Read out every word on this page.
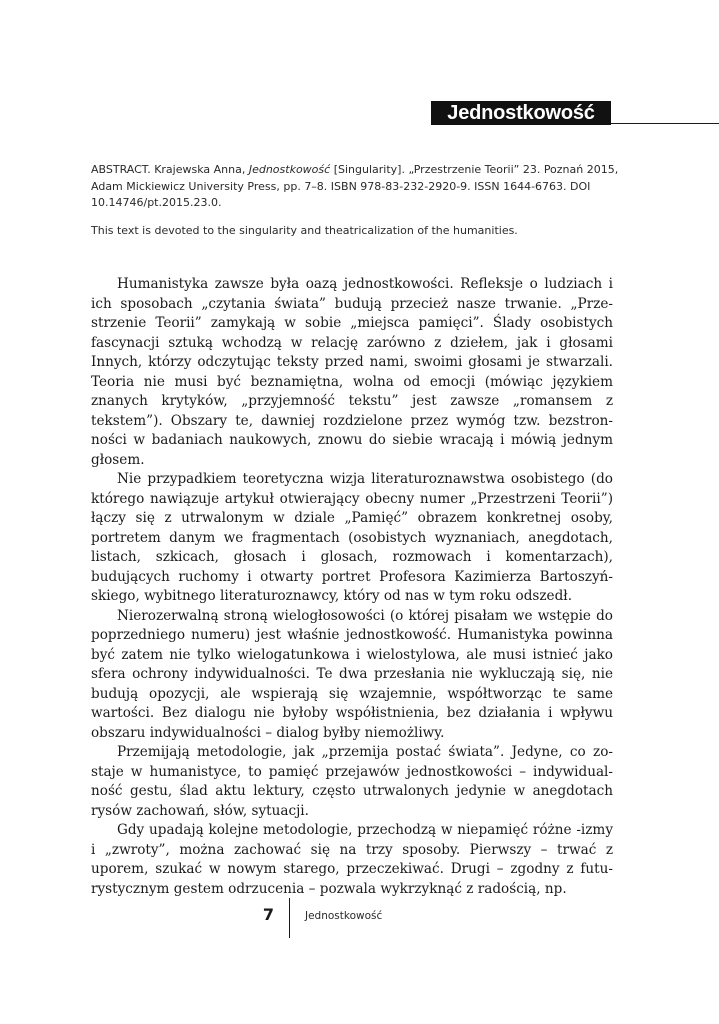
Jednostkowość

ABSTRACT. Krajewska Anna, Jednostkowość [Singularity]. „Przestrzenie Teorii” 23. Poznań 2015, Adam Mickiewicz University Press, pp. 7–8. ISBN 978-83-232-2920-9. ISSN 1644-6763. DOI 10.14746/pt.2015.23.0.

This text is devoted to the singularity and theatricalization of the humanities.

Humanistyka zawsze była oazą jednostkowości. Refleksje o ludziach i ich sposobach „czytania świata” budują przecież nasze trwanie. „Przestrzenie Teorii” zamykają w sobie „miejsca pamięci”. Ślady osobistych fascynacji sztuką wchodzą w relację zarówno z dziełem, jak i głosami Innych, którzy odczytując teksty przed nami, swoimi głosami je stwarzali. Teoria nie musi być beznamiętna, wolna od emocji (mówiąc językiem znanych krytyków, „przyjemność tekstu” jest zawsze „romansem z tekstem”). Obszary te, dawniej rozdzielone przez wymóg tzw. bezstronności w badaniach naukowych, znowu do siebie wracają i mówią jednym głosem.

Nie przypadkiem teoretyczna wizja literaturoznawstwa osobistego (do którego nawiązuje artykuł otwierający obecny numer „Przestrzeni Teorii”) łączy się z utrwalonym w dziale „Pamięć” obrazem konkretnej osoby, portretem danym we fragmentach (osobistych wyznaniach, anegdotach, listach, szkicach, głosach i glosach, rozmowach i komentarzach), budujących ruchomy i otwarty portret Profesora Kazimierza Bartoszyńskiego, wybitnego literaturoznawcy, który od nas w tym roku odszedł.

Nierozerwalną stroną wielogłosowości (o której pisałam we wstępie do poprzedniego numeru) jest właśnie jednostkowość. Humanistyka powinna być zatem nie tylko wielogatunkowa i wielostylowa, ale musi istnieć jako sfera ochrony indywidualności. Te dwa przesłania nie wykluczają się, nie budują opozycji, ale wspierają się wzajemnie, współtworząc te same wartości. Bez dialogu nie byłoby współistnienia, bez działania i wpływu obszaru indywidualności – dialog byłby niemożliwy.

Przemijają metodologie, jak „przemija postać świata”. Jedyne, co zostaje w humanistyce, to pamięć przejawów jednostkowości – indywidualność gestu, ślad aktu lektury, często utrwalonych jedynie w anegdotach rysów zachowań, słów, sytuacji.

Gdy upadają kolejne metodologie, przechodzą w niepamięć różne -izmy i „zwroty”, można zachować się na trzy sposoby. Pierwszy – trwać z uporem, szukać w nowym starego, przeczekiwać. Drugi – zgodny z futurystycznym gestem odrzucenia – pozwala wykrzyknąć z radością, np.

7	Jednostkowość
